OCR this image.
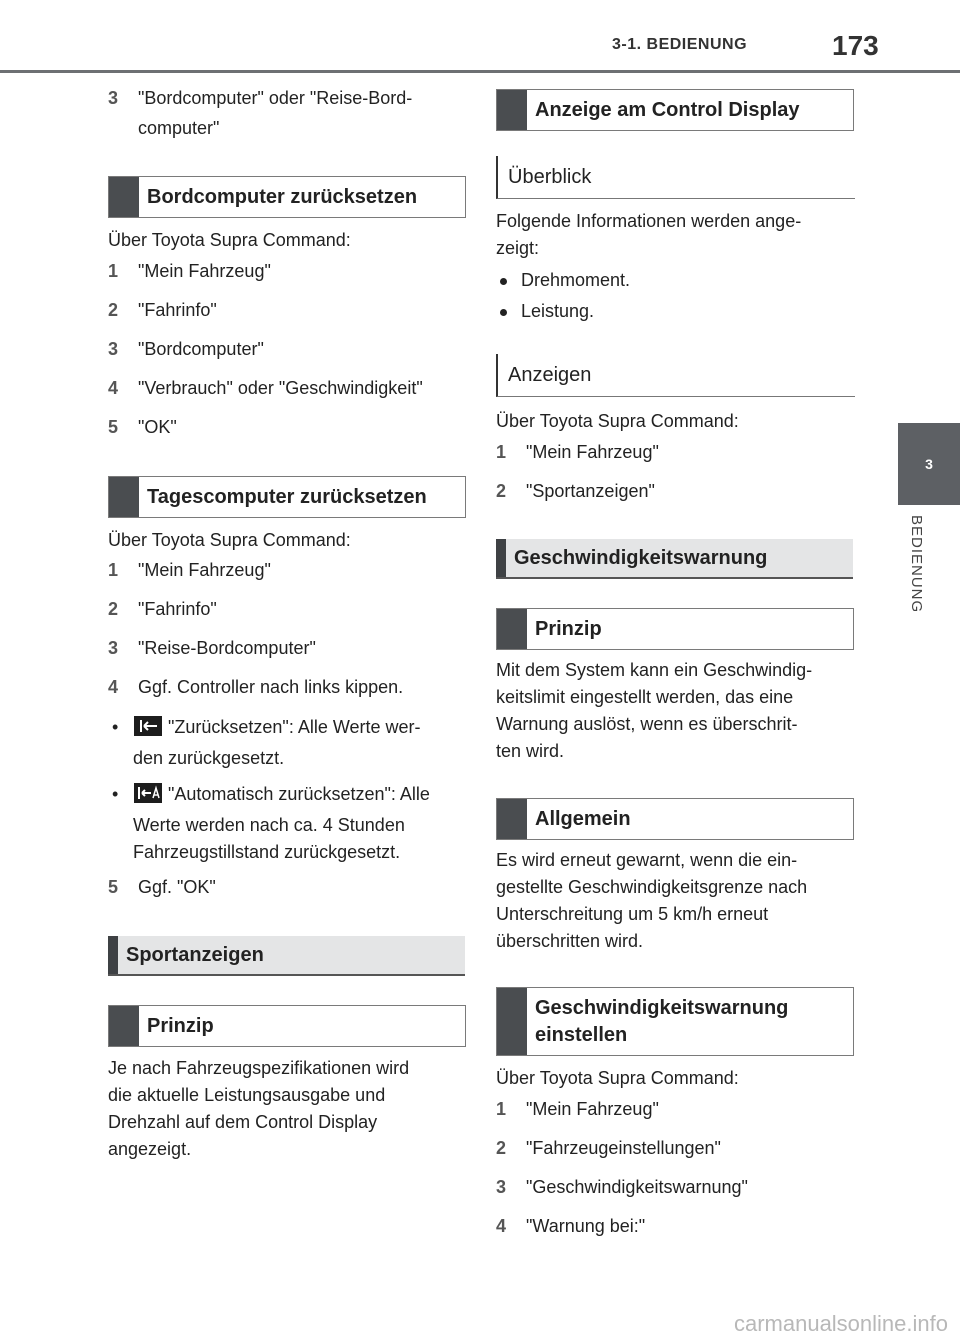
3-1. BEDIENUNG	173
3
BEDIENUNG
3 "Bordcomputer" oder "Reise-Bord-
computer"
Bordcomputer zurücksetzen
Über Toyota Supra Command:
1 "Mein Fahrzeug"
2 "Fahrinfo"
3 "Bordcomputer"
4 "Verbrauch" oder "Geschwindigkeit"
5 "OK"
Tagescomputer zurücksetzen
Über Toyota Supra Command:
1 "Mein Fahrzeug"
2 "Fahrinfo"
3 "Reise-Bordcomputer"
4 Ggf. Controller nach links kippen.
•	"Zurücksetzen": Alle Werte wer-
den zurückgesetzt.
•	"Automatisch zurücksetzen": Alle
Werte werden nach ca. 4 Stunden
Fahrzeugstillstand zurückgesetzt.
5 Ggf. "OK"
Sportanzeigen
Prinzip
Je nach Fahrzeugspezifikationen wird
die aktuelle Leistungsausgabe und
Drehzahl auf dem Control Display
angezeigt.
Anzeige am Control Display
Überblick
Folgende Informationen werden ange-
zeigt:
Drehmoment.
Leistung.
Anzeigen
Über Toyota Supra Command:
1 "Mein Fahrzeug"
2 "Sportanzeigen"
Geschwindigkeitswarnung
Prinzip
Mit dem System kann ein Geschwindig-
keitslimit eingestellt werden, das eine
Warnung auslöst, wenn es überschrit-
ten wird.
Allgemein
Es wird erneut gewarnt, wenn die ein-
gestellte Geschwindigkeitsgrenze nach
Unterschreitung um 5 km/h erneut
überschritten wird.
Geschwindigkeitswarnung
einstellen
Über Toyota Supra Command:
1 "Mein Fahrzeug"
2 "Fahrzeugeinstellungen"
3 "Geschwindigkeitswarnung"
4 "Warnung bei:"
carmanualsonline.info
